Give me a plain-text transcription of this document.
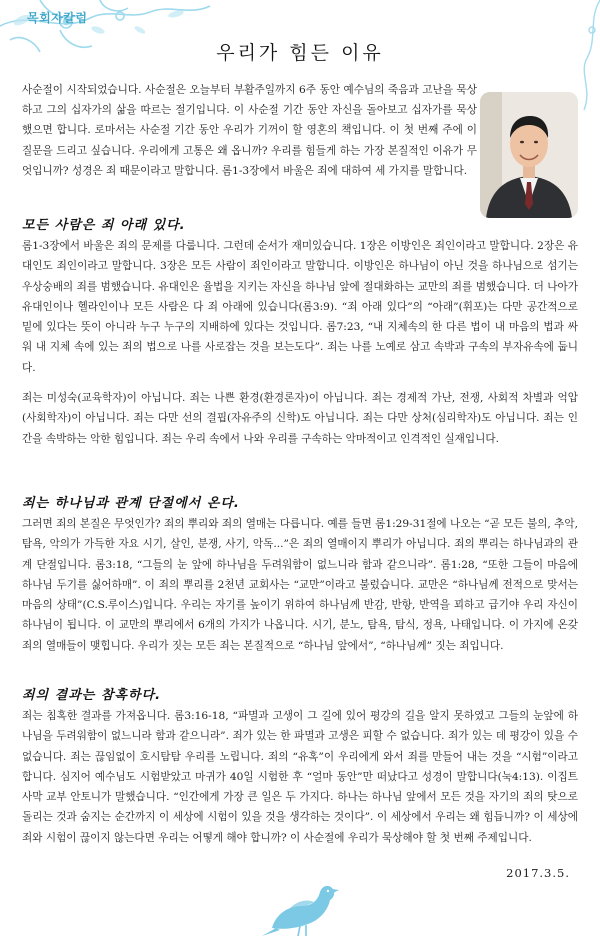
목회자칼럼
우리가 힘든 이유
사순절이 시작되었습니다. 사순절은 오늘부터 부활주일까지 6주 동안 예수님의 죽음과 고난을 묵상하고 그의 십자가의 삶을 따르는 절기입니다. 이 사순절 기간 동안 자신을 돌아보고 십자가를 묵상했으면 합니다. 로마서는 사순절 기간 동안 우리가 기꺼이 할 영혼의 책입니다. 이 첫 번째 주에 이 질문을 드리고 싶습니다. 우리에게 고통은 왜 옵니까? 우리를 힘들게 하는 가장 본질적인 이유가 무엇입니까? 성경은 죄 때문이라고 말합니다. 롬1-3장에서 바울은 죄에 대하여 세 가지를 말합니다.
모든 사람은 죄 아래 있다.
롬1-3장에서 바울은 죄의 문제를 다룹니다. 그런데 순서가 재미있습니다. 1장은 이방인은 죄인이라고 말합니다. 2장은 유대인도 죄인이라고 말합니다. 3장은 모든 사람이 죄인이라고 말합니다. 이방인은 하나님이 아닌 것을 하나님으로 섬기는 우상숭배의 죄를 범했습니다. 유대인은 율법을 지키는 자신을 하나님 앞에 절대화하는 교만의 죄를 범했습니다. 더 나아가 유대인이나 헬라인이나 모든 사람은 다 죄 아래에 있습니다(롬3:9). “죄 아래 있다”의 “아래”(휘포)는 다만 공간적으로 밑에 있다는 뜻이 아니라 누구 누구의 지배하에 있다는 것입니다. 롬7:23, “내 지체속의 한 다른 법이 내 마음의 법과 싸워 내 지체 속에 있는 죄의 법으로 나를 사로잡는 것을 보는도다”. 죄는 나를 노예로 삼고 속박과 구속의 부자유속에 둡니다.
죄는 미성숙(교육학자)이 아닙니다. 죄는 나쁜 환경(환경론자)이 아닙니다. 죄는 경제적 가난, 전쟁, 사회적 차별과 억압(사회학자)이 아닙니다. 죄는 다만 선의 결핍(자유주의 신학)도 아닙니다. 죄는 다만 상처(심리학자)도 아닙니다. 죄는 인간을 속박하는 악한 힘입니다. 죄는 우리 속에서 나와 우리를 구속하는 악마적이고 인격적인 실재입니다.
죄는 하나님과 관계 단절에서 온다.
그러면 죄의 본질은 무엇인가? 죄의 뿌리와 죄의 열매는 다릅니다. 예를 들면 롬1:29-31절에 나오는 “곧 모든 불의, 추악, 탐욕, 악의가 가득한 자요 시기, 살인, 분쟁, 사기, 악독...”은 죄의 열매이지 뿌리가 아닙니다. 죄의 뿌리는 하나님과의 관계 단절입니다. 롬3:18, “그들의 눈 앞에 하나님을 두려워함이 없느니라 함과 같으니라”. 롬1:28, “또한 그들이 마음에 하나님 두기를 싫어하매”. 이 죄의 뿌리를 2천년 교회사는 “교만”이라고 불렀습니다. 교만은 “하나님께 전적으로 맞서는 마음의 상태”(C.S.루이스)입니다. 우리는 자기를 높이기 위하여 하나님께 반감, 반항, 반역을 꾀하고 급기야 우리 자신이 하나님이 됩니다. 이 교만의 뿌리에서 6개의 가지가 나옵니다. 시기, 분노, 탐욕, 탐식, 정욕, 나태입니다. 이 가지에 온갖 죄의 열매들이 맺힙니다. 우리가 짓는 모든 죄는 본질적으로 “하나님 앞에서”, “하나님께” 짓는 죄입니다.
죄의 결과는 참혹하다.
죄는 침혹한 결과를 가져옵니다. 롬3:16-18, “파멸과 고생이 그 길에 있어 평강의 길을 알지 못하였고 그들의 눈앞에 하나님을 두려워함이 없느니라 함과 같으니라”. 죄가 있는 한 파멸과 고생은 피할 수 없습니다. 죄가 있는 데 평강이 있을 수 없습니다. 죄는 끊임없이 호시탐탐 우리를 노립니다. 죄의 “유혹”이 우리에게 와서 죄를 만들어 내는 것을 “시험”이라고 합니다. 심지어 예수님도 시험받았고 마귀가 40일 시험한 후 “얼마 동안”만 떠났다고 성경이 말합니다(눅4:13). 이집트 사막 교부 안토니가 말했습니다. “인간에게 가장 큰 일은 두 가지다. 하나는 하나님 앞에서 모든 것을 자기의 죄의 탓으로 돌리는 것과 숨지는 순간까지 이 세상에 시험이 있을 것을 생각하는 것이다”. 이 세상에서 우리는 왜 힘듭니까? 이 세상에 죄와 시험이 끊이지 않는다면 우리는 어떻게 해야 합니까? 이 사순절에 우리가 묵상해야 할 첫 번째 주제입니다.
2017.3.5.
